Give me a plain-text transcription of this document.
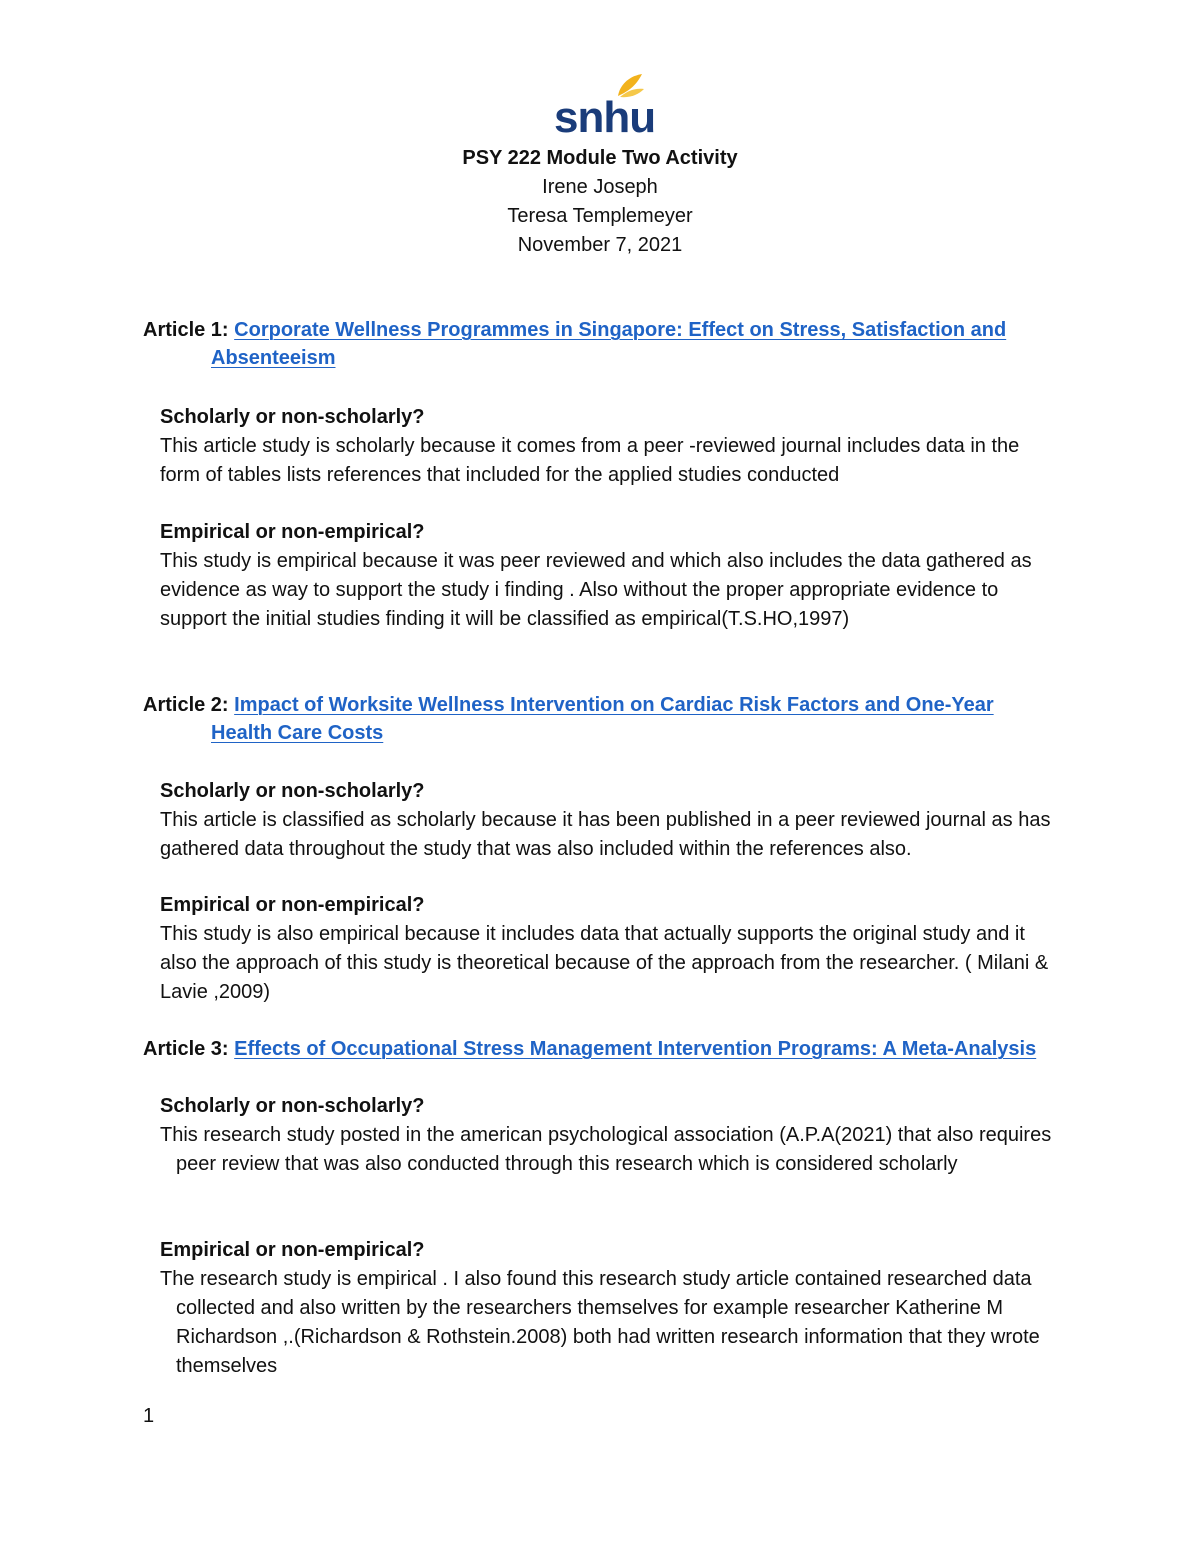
snhu
PSY 222 Module Two Activity
Irene Joseph
Teresa Templemeyer
November 7, 2021
Article 1: Corporate Wellness Programmes in Singapore: Effect on Stress, Satisfaction and
Absenteeism
Scholarly or non-scholarly?
This article study is scholarly because it comes from a peer -reviewed journal includes data in the form of tables lists references that included for the applied studies conducted
Empirical or non-empirical?
This study is empirical because it was peer reviewed and which also includes the data gathered as evidence as way to support the study i finding . Also without the proper appropriate evidence to support the initial studies finding it will be classified as empirical(T.S.HO,1997)
Article 2: Impact of Worksite Wellness Intervention on Cardiac Risk Factors and One-Year
Health Care Costs
Scholarly or non-scholarly?
This article is classified as scholarly because it has been published in a peer reviewed journal as has gathered data throughout the study that was also included within the references also.
Empirical or non-empirical?
This study is also empirical because it includes data that actually supports the original study and it also the approach of this study is theoretical because of the approach from the researcher. ( Milani & Lavie ,2009)
Article 3: Effects of Occupational Stress Management Intervention Programs: A Meta-Analysis
Scholarly or non-scholarly?
This research study posted in the american psychological association (A.P.A(2021) that also requires peer review that was also conducted through this research which is considered scholarly
Empirical or non-empirical?
The research study is empirical . I also found this research study article contained researched data collected and also written by the researchers themselves for example researcher Katherine M Richardson ,.(Richardson & Rothstein.2008) both had written research information that they wrote themselves
1
